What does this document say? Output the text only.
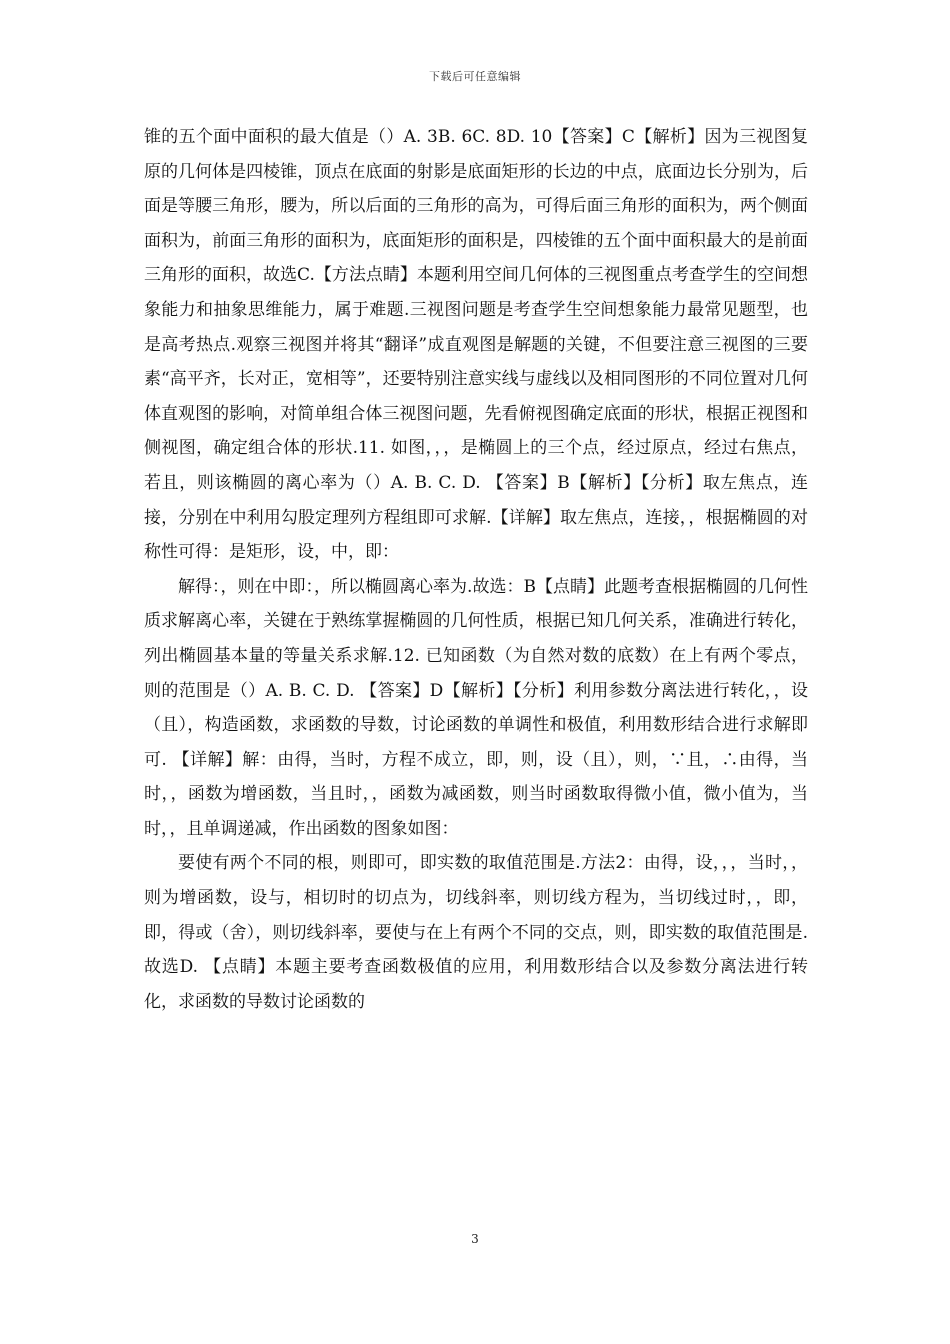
下载后可任意编辑

锥的五个面中面积的最大值是（）A. 3B. 6C. 8D. 10【答案】C【解析】因为三视图复原的几何体是四棱锥，顶点在底面的射影是底面矩形的长边的中点，底面边长分别为，后面是等腰三角形，腰为，所以后面的三角形的高为，可得后面三角形的面积为，两个侧面面积为，前面三角形的面积为，底面矩形的面积是，四棱锥的五个面中面积最大的是前面三角形的面积，故选C.【方法点睛】本题利用空间几何体的三视图重点考查学生的空间想象能力和抽象思维能力，属于难题.三视图问题是考查学生空间想象能力最常见题型，也是高考热点.观察三视图并将其“翻译”成直观图是解题的关键，不但要注意三视图的三要素“高平齐，长对正，宽相等”，还要特别注意实线与虚线以及相同图形的不同位置对几何体直观图的影响，对简单组合体三视图问题，先看俯视图确定底面的形状，根据正视图和侧视图，确定组合体的形状.11. 如图，，，是椭圆上的三个点，经过原点，经过右焦点，若且，则该椭圆的离心率为（）A. B. C. D. 【答案】B【解析】【分析】取左焦点，连接，分别在中利用勾股定理列方程组即可求解.【详解】取左焦点，连接，，根据椭圆的对称性可得：是矩形，设，中，即：

解得：，则在中即：，所以椭圆离心率为.故选：B【点睛】此题考查根据椭圆的几何性质求解离心率，关键在于熟练掌握椭圆的几何性质，根据已知几何关系，准确进行转化，列出椭圆基本量的等量关系求解.12. 已知函数（为自然对数的底数）在上有两个零点，则的范围是（）A. B. C. D. 【答案】D【解析】【分析】利用参数分离法进行转化，，设（且），构造函数，求函数的导数，讨论函数的单调性和极值，利用数形结合进行求解即可. 【详解】解：由得，当时，方程不成立，即，则，设（且），则，∵且，∴由得，当时，，函数为增函数，当且时，，函数为减函数，则当时函数取得微小值，微小值为，当时，，且单调递减，作出函数的图象如图：

要使有两个不同的根，则即可，即实数的取值范围是.方法2：由得，设，，，当时，，则为增函数，设与，相切时的切点为，切线斜率，则切线方程为，当切线过时，，即，即，得或（舍），则切线斜率，要使与在上有两个不同的交点，则，即实数的取值范围是.故选D. 【点睛】本题主要考查函数极值的应用，利用数形结合以及参数分离法进行转化，求函数的导数讨论函数的

3
